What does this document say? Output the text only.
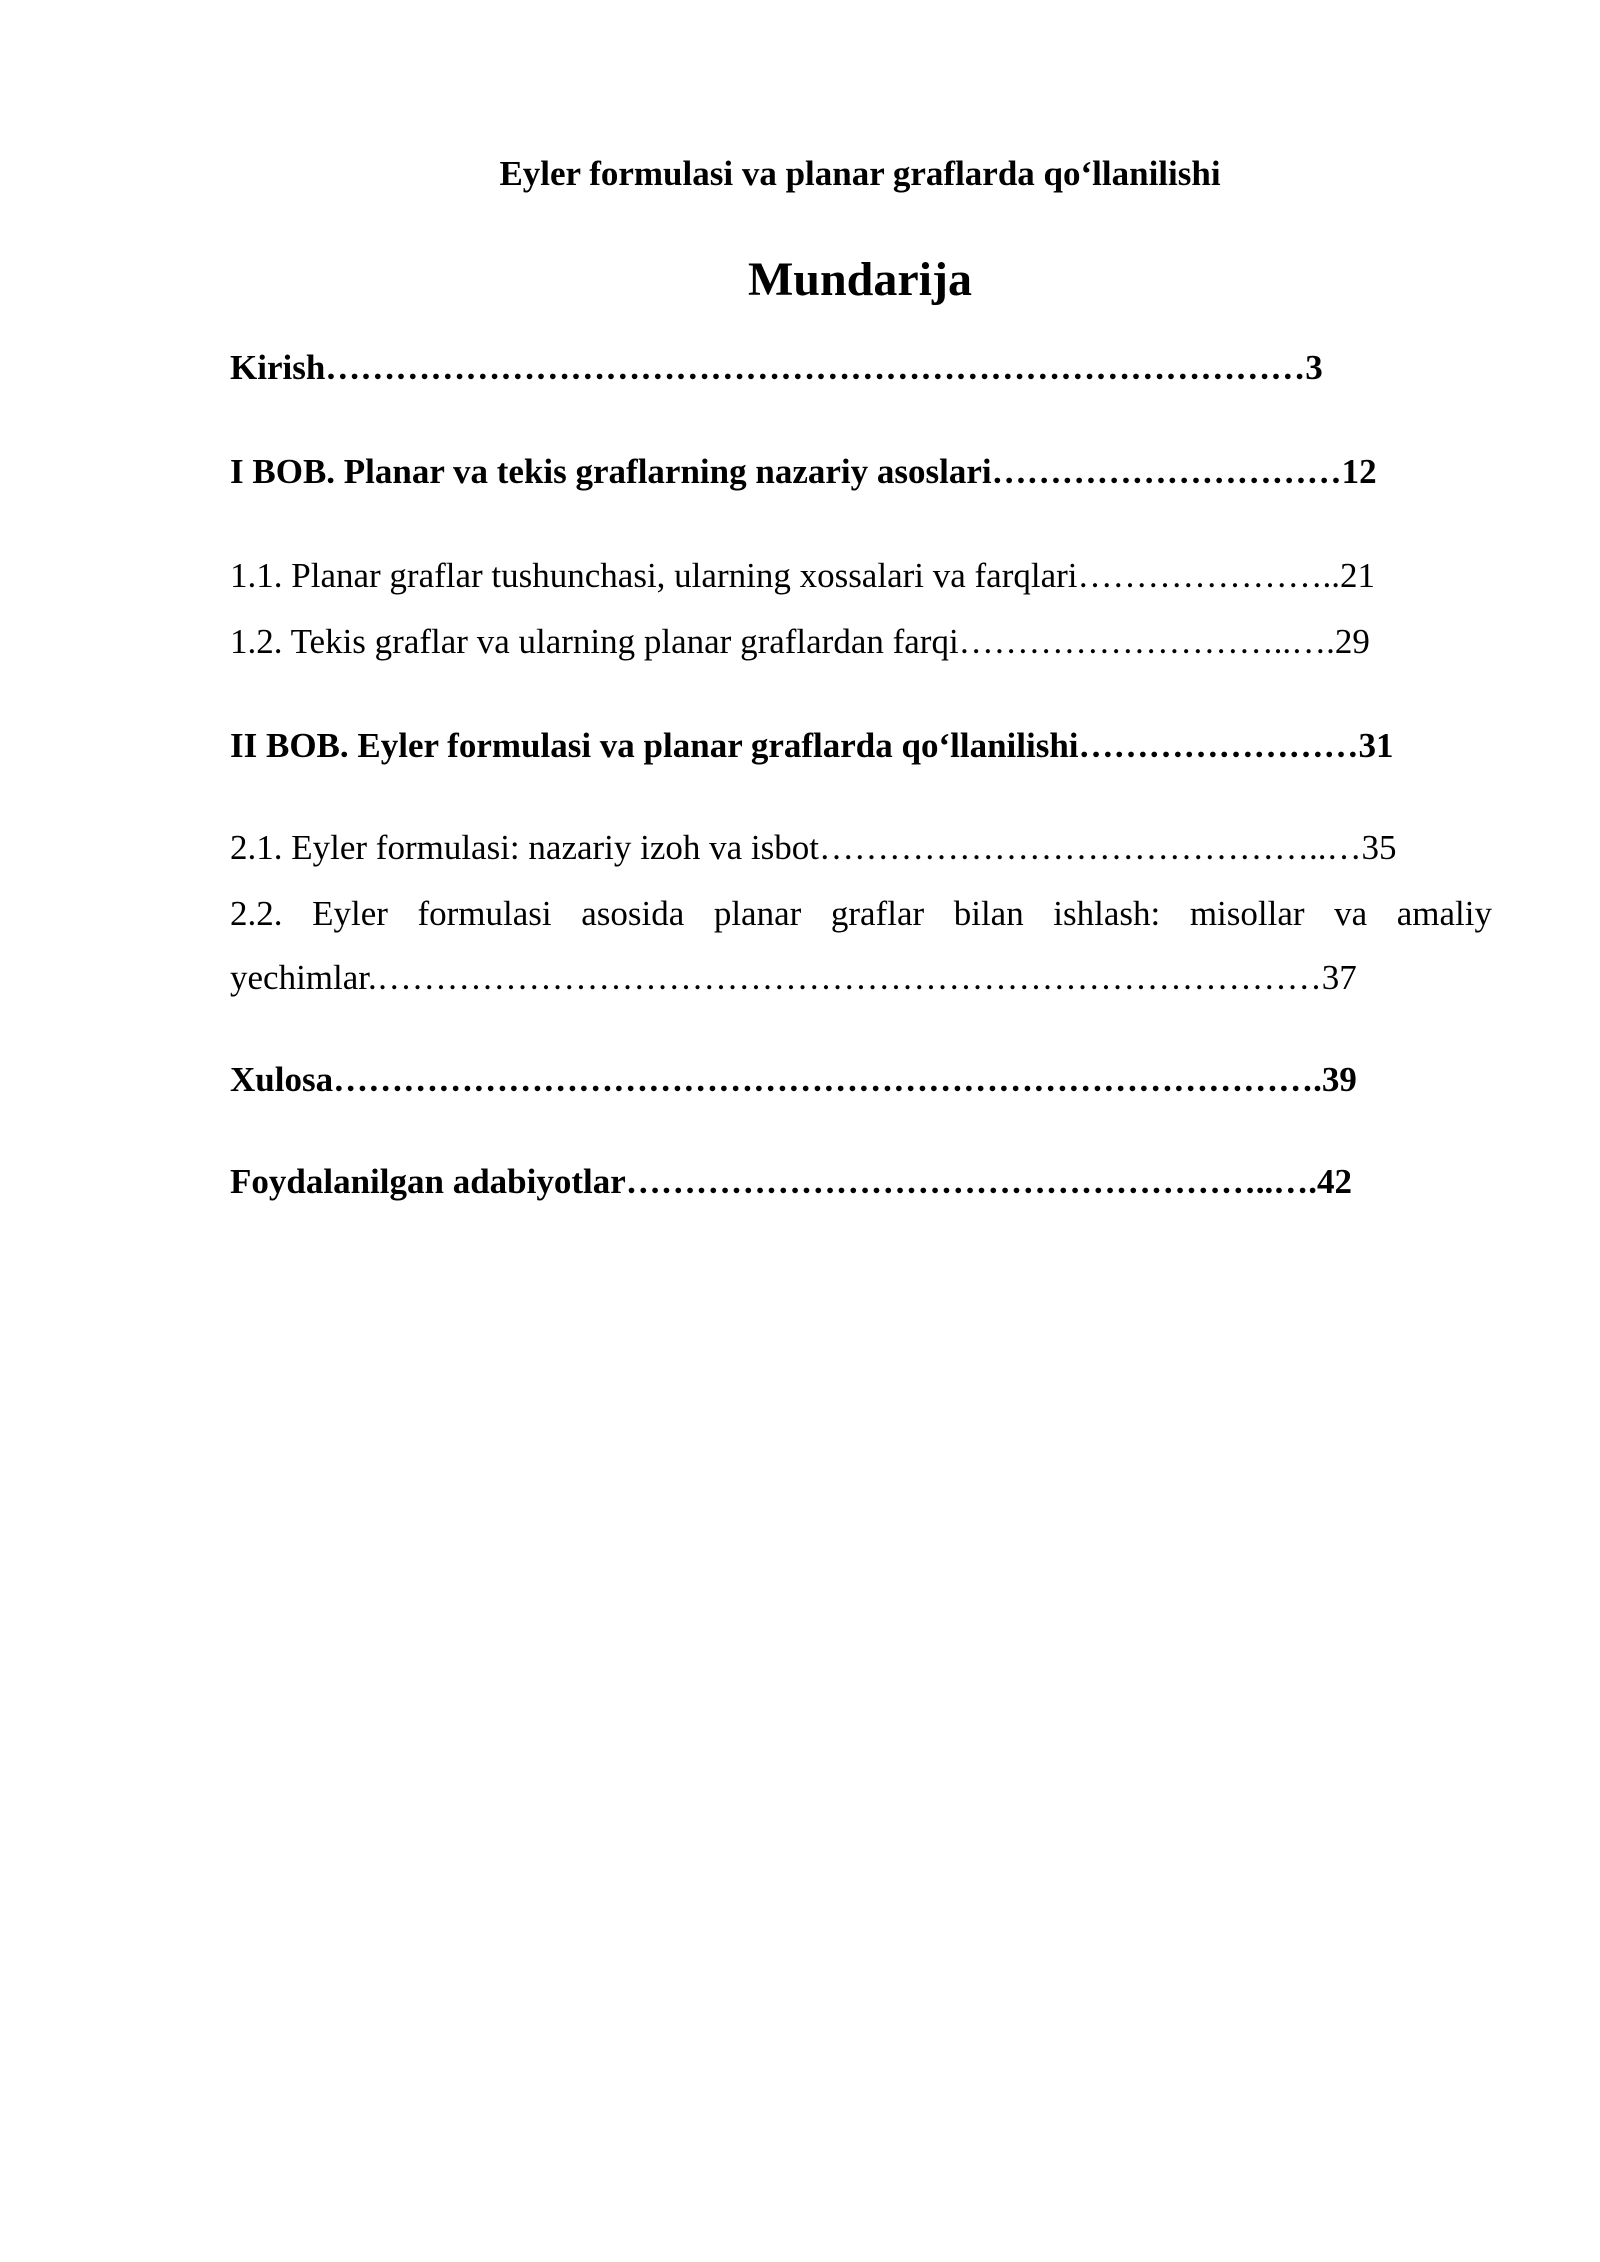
Eyler formulasi va planar graflarda qo‘llanilishi
Mundarija
Kirish…………………………………………………………………………3
I BOB. Planar va tekis graflarning nazariy asoslari…………………………12
1.1. Planar graflar tushunchasi, ularning xossalari va farqlari…………………..21
1.2. Tekis graflar va ularning planar graflardan farqi………………………..….29
II BOB. Eyler formulasi va planar graflarda qo‘llanilishi……………………31
2.1. Eyler formulasi: nazariy izoh va isbot……………………………………..…35
2.2. Eyler formulasi asosida planar graflar bilan ishlash: misollar va amaliy
yechimlar.………………………………………………………………………37
Xulosa………………………………………………………………………….39
Foydalanilgan adabiyotlar………………………………………………..….42
